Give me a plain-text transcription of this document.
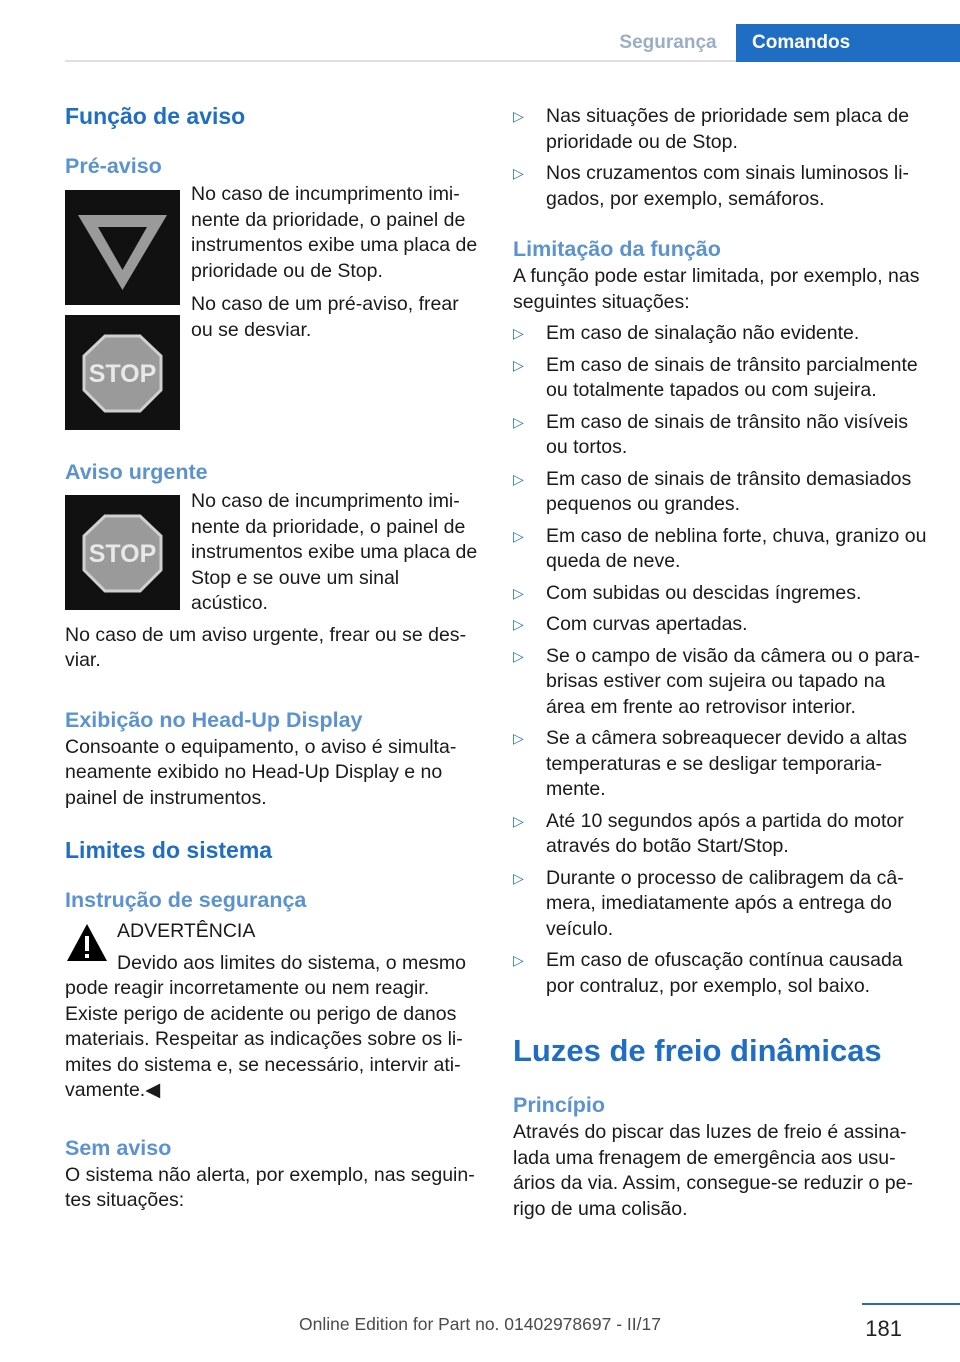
Segurança	Comandos
Função de aviso
Pré-aviso
STOP

No caso de incumprimento iminente da prioridade, o painel de instrumentos exibe uma placa de prioridade ou de Stop.

No caso de um pré-aviso, frear ou se desviar.

Aviso urgente
STOP

No caso de incumprimento iminente da prioridade, o painel de instrumentos exibe uma placa de Stop e se ouve um sinal acústico.

No caso de um aviso urgente, frear ou se desviar.

Exibição no Head-Up Display

Consoante o equipamento, o aviso é simultaneamente exibido no Head-Up Display e no painel de instrumentos.

Limites do sistema
Instrução de segurança

ADVERTÊNCIA

Devido aos limites do sistema, o mesmo pode reagir incorretamente ou nem reagir. Existe perigo de acidente ou perigo de danos materiais. Respeitar as indicações sobre os limites do sistema e, se necessário, intervir ativamente.◀

Sem aviso

O sistema não alerta, por exemplo, nas seguintes situações:

▷ Nas situações de prioridade sem placa de prioridade ou de Stop.
▷ Nos cruzamentos com sinais luminosos ligados, por exemplo, semáforos.
Limitação da função

A função pode estar limitada, por exemplo, nas seguintes situações:

▷ Em caso de sinalação não evidente.
▷ Em caso de sinais de trânsito parcialmente ou totalmente tapados ou com sujeira.
▷ Em caso de sinais de trânsito não visíveis ou tortos.
▷ Em caso de sinais de trânsito demasiados pequenos ou grandes.
▷ Em caso de neblina forte, chuva, granizo ou queda de neve.
▷ Com subidas ou descidas íngremes.
▷ Com curvas apertadas.
▷ Se o campo de visão da câmera ou o para-brisas estiver com sujeira ou tapado na área em frente ao retrovisor interior.
▷ Se a câmera sobreaquecer devido a altas temperaturas e se desligar temporariamente.
▷ Até 10 segundos após a partida do motor através do botão Start/Stop.
▷ Durante o processo de calibragem da câmera, imediatamente após a entrega do veículo.
▷ Em caso de ofuscação contínua causada por contraluz, por exemplo, sol baixo.
Luzes de freio dinâmicas
Princípio

Através do piscar das luzes de freio é assinalada uma frenagem de emergência aos usuários da via. Assim, consegue-se reduzir o perigo de uma colisão.

181
Online Edition for Part no. 01402978697 - II/17
